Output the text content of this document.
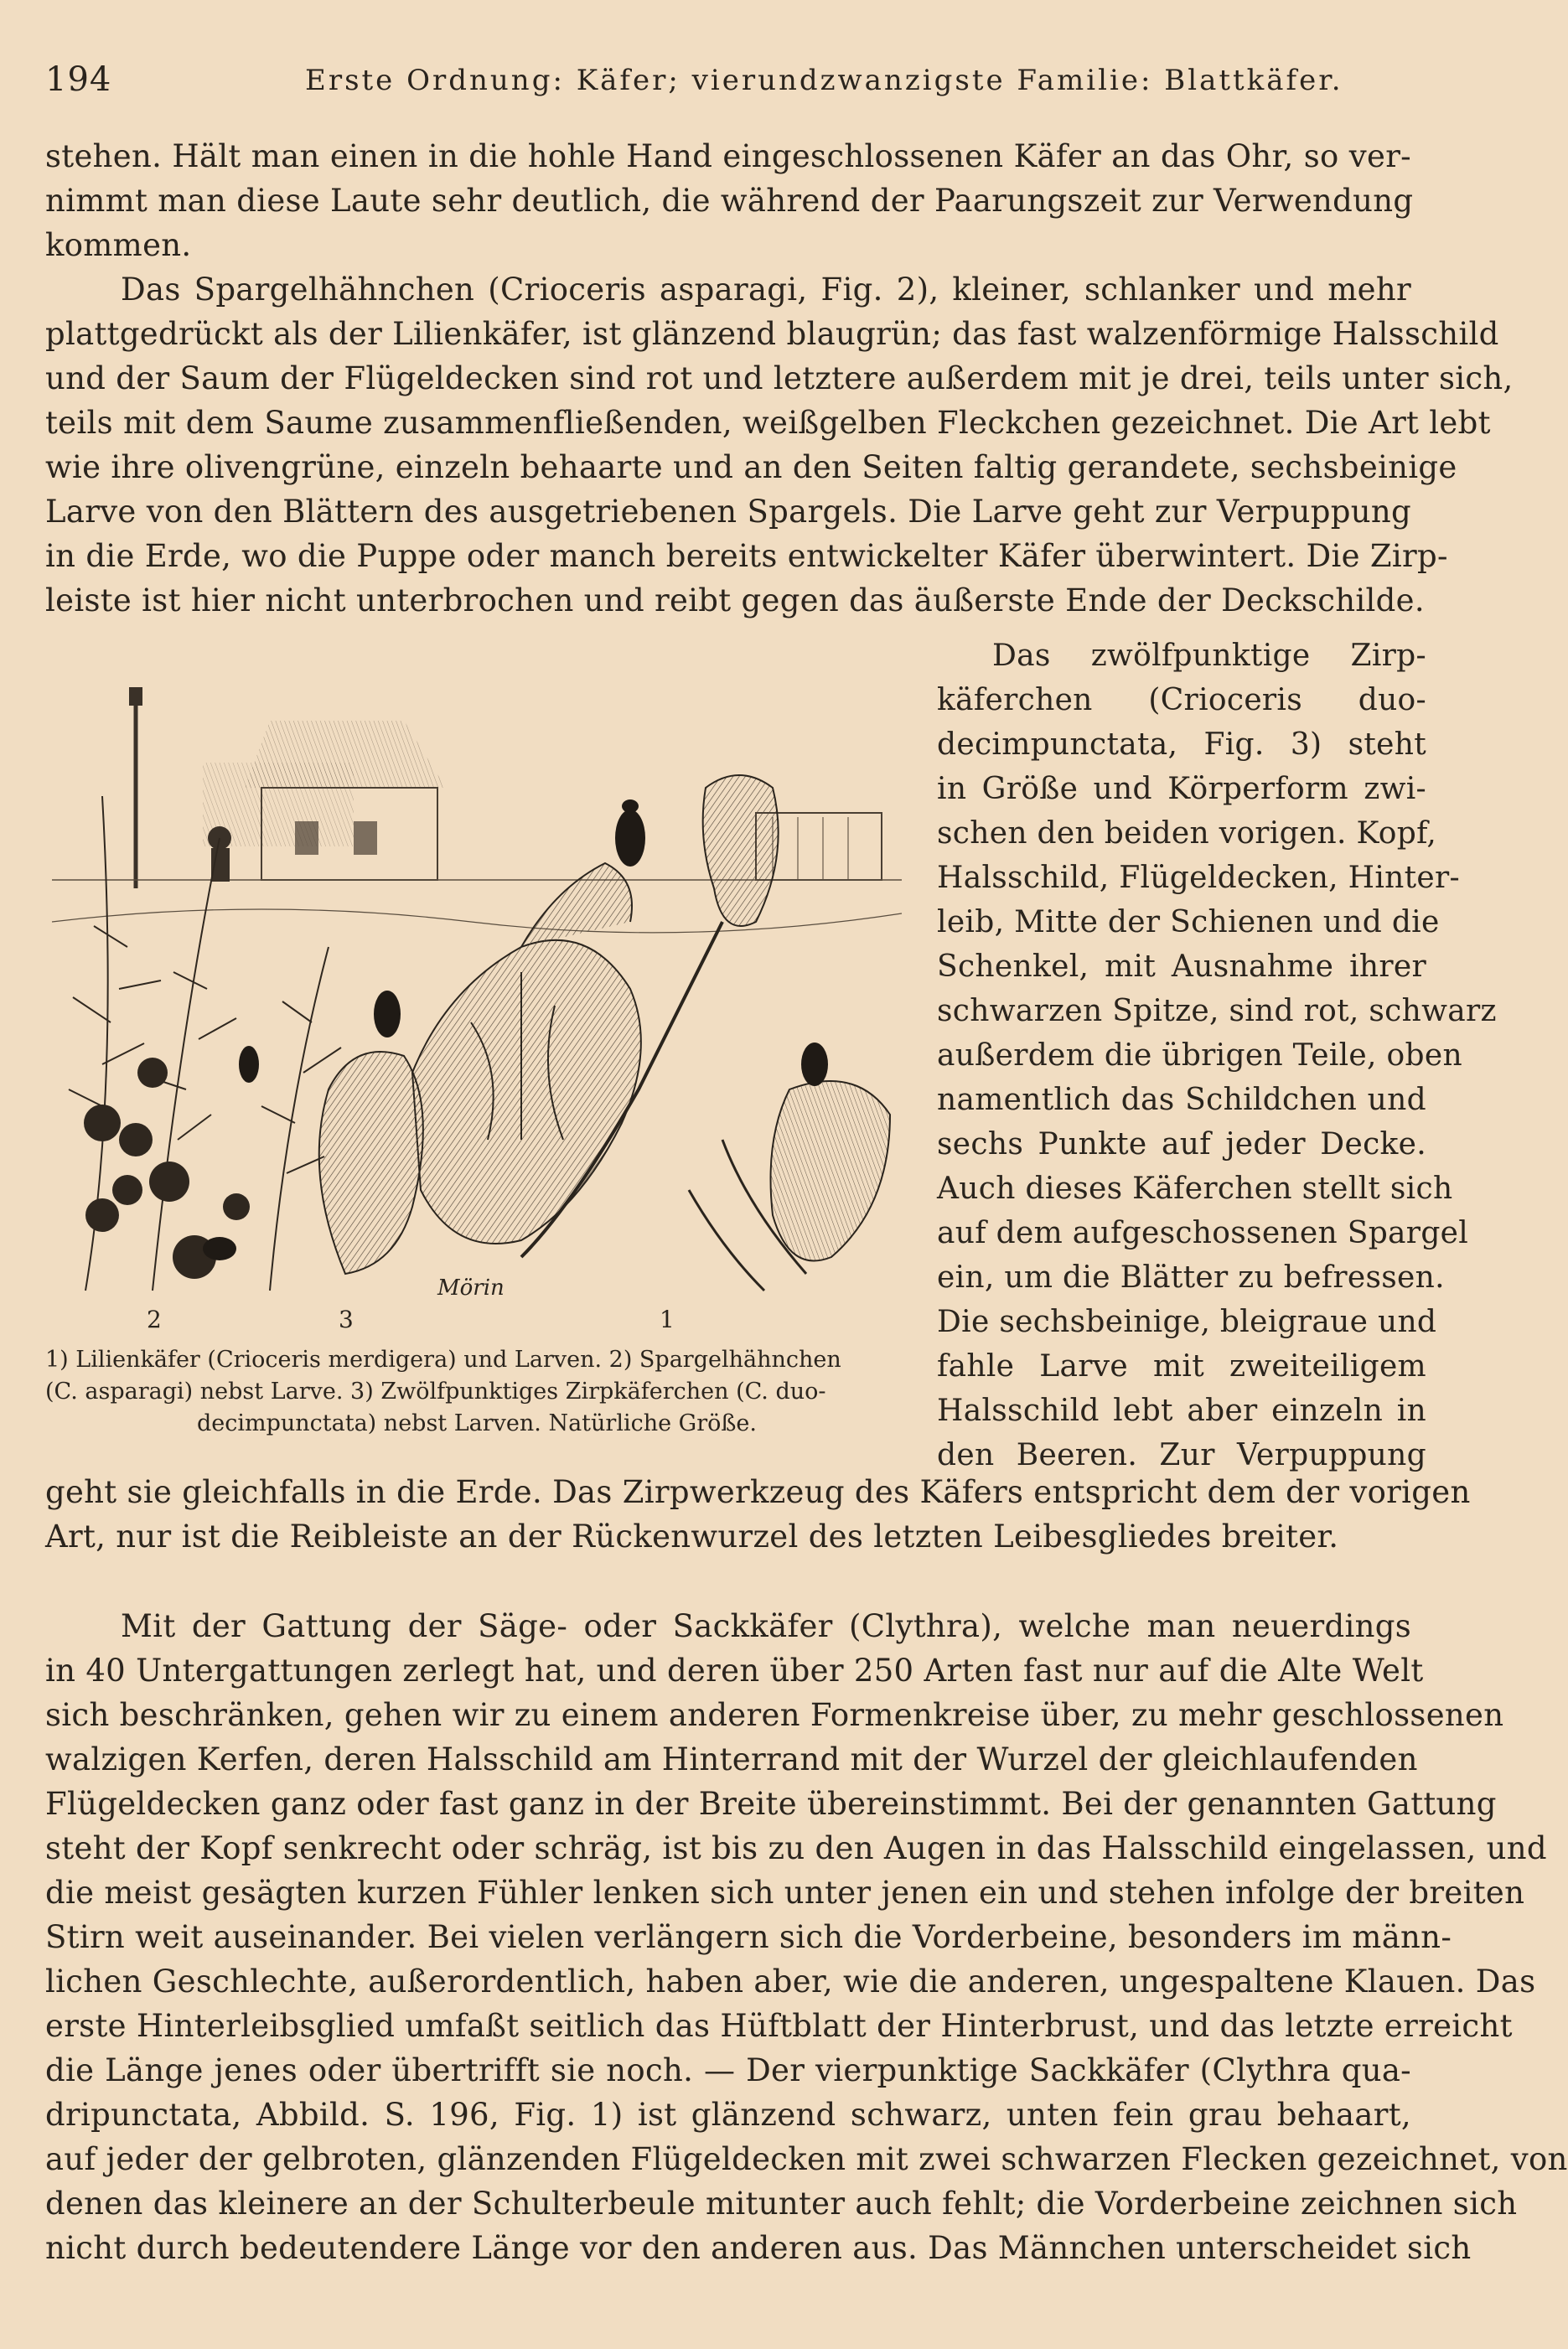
194	Erste Ordnung: Käfer; vierundzwanzigste Familie: Blattkäfer.
stehen. Hält man einen in die hohle Hand eingeschlossenen Käfer an das Ohr, so ver-
nimmt man diese Laute sehr deutlich, die während der Paarungszeit zur Verwendung
kommen.
Das Spargelhähnchen (Crioceris asparagi, Fig. 2), kleiner, schlanker und mehr
plattgedrückt als der Lilienkäfer, ist glänzend blaugrün; das fast walzenförmige Halsschild
und der Saum der Flügeldecken sind rot und letztere außerdem mit je drei, teils unter sich,
teils mit dem Saume zusammenfließenden, weißgelben Fleckchen gezeichnet. Die Art lebt
wie ihre olivengrüne, einzeln behaarte und an den Seiten faltig gerandete, sechsbeinige
Larve von den Blättern des ausgetriebenen Spargels. Die Larve geht zur Verpuppung
in die Erde, wo die Puppe oder manch bereits entwickelter Käfer überwintert. Die Zirp-
leiste ist hier nicht unterbrochen und reibt gegen das äußerste Ende der Deckschilde.
Das zwölfpunktige Zirp-
käferchen (Crioceris duo-
decimpunctata, Fig. 3) steht
in Größe und Körperform zwi-
schen den beiden vorigen. Kopf,
Halsschild, Flügeldecken, Hinter-
leib, Mitte der Schienen und die
Schenkel, mit Ausnahme ihrer
schwarzen Spitze, sind rot, schwarz
außerdem die übrigen Teile, oben
namentlich das Schildchen und
sechs Punkte auf jeder Decke.
Auch dieses Käferchen stellt sich
auf dem aufgeschossenen Spargel
ein, um die Blätter zu befressen.
Die sechsbeinige, bleigraue und
fahle Larve mit zweiteiligem
Halsschild lebt aber einzeln in
den Beeren. Zur Verpuppung
Mörin
2	3	1
1) Lilienkäfer (Crioceris merdigera) und Larven. 2) Spargelhähnchen
(C. asparagi) nebst Larve. 3) Zwölfpunktiges Zirpkäferchen (C. duo-
decimpunctata) nebst Larven. Natürliche Größe.
geht sie gleichfalls in die Erde. Das Zirpwerkzeug des Käfers entspricht dem der vorigen
Art, nur ist die Reibleiste an der Rückenwurzel des letzten Leibesgliedes breiter.
Mit der Gattung der Säge- oder Sackkäfer (Clythra), welche man neuerdings
in 40 Untergattungen zerlegt hat, und deren über 250 Arten fast nur auf die Alte Welt
sich beschränken, gehen wir zu einem anderen Formenkreise über, zu mehr geschlossenen
walzigen Kerfen, deren Halsschild am Hinterrand mit der Wurzel der gleichlaufenden
Flügeldecken ganz oder fast ganz in der Breite übereinstimmt. Bei der genannten Gattung
steht der Kopf senkrecht oder schräg, ist bis zu den Augen in das Halsschild eingelassen, und
die meist gesägten kurzen Fühler lenken sich unter jenen ein und stehen infolge der breiten
Stirn weit auseinander. Bei vielen verlängern sich die Vorderbeine, besonders im männ-
lichen Geschlechte, außerordentlich, haben aber, wie die anderen, ungespaltene Klauen. Das
erste Hinterleibsglied umfaßt seitlich das Hüftblatt der Hinterbrust, und das letzte erreicht
die Länge jenes oder übertrifft sie noch. — Der vierpunktige Sackkäfer (Clythra qua-
dripunctata, Abbild. S. 196, Fig. 1) ist glänzend schwarz, unten fein grau behaart,
auf jeder der gelbroten, glänzenden Flügeldecken mit zwei schwarzen Flecken gezeichnet, von
denen das kleinere an der Schulterbeule mitunter auch fehlt; die Vorderbeine zeichnen sich
nicht durch bedeutendere Länge vor den anderen aus. Das Männchen unterscheidet sich
